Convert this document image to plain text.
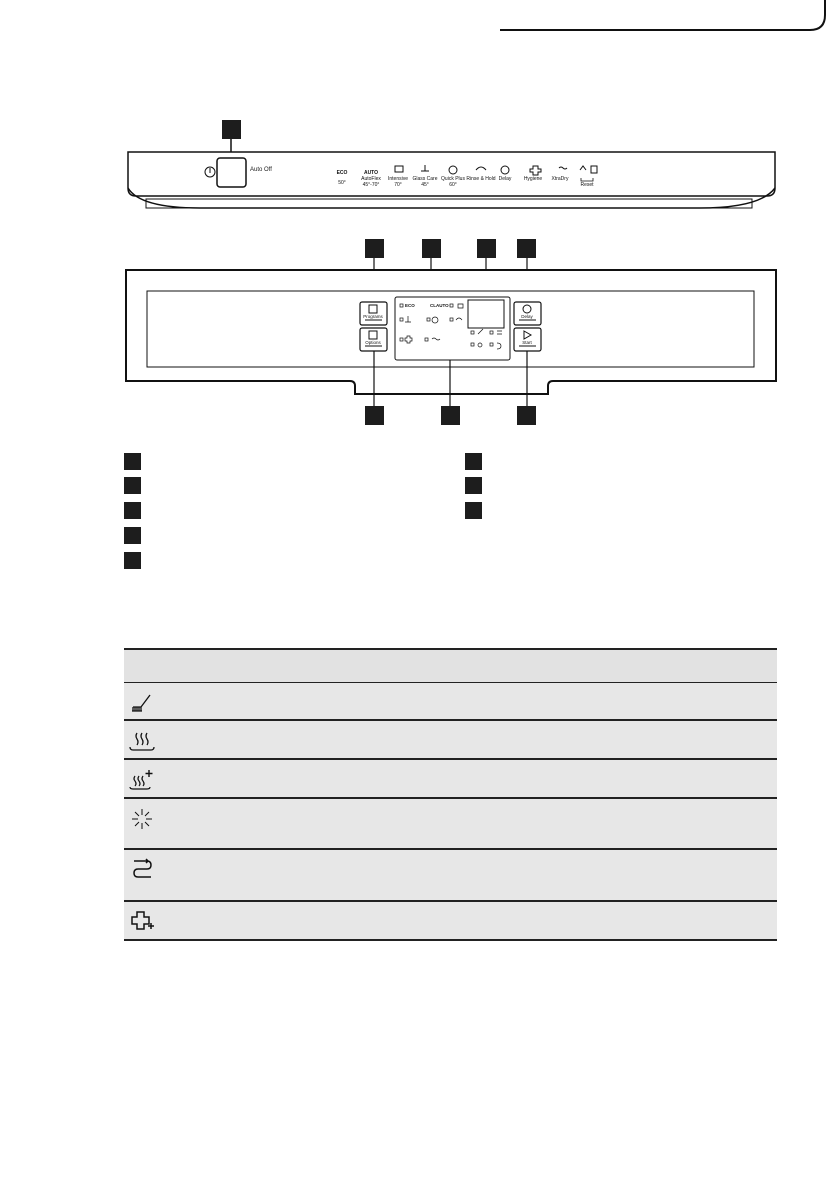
ECO
50°
AUTO
AutoFlex
45°-70°
Intensive
70°
Glass Care
45°
Quick Plus
60°
Rinse & Hold Delay Hygiene XtraDry
Reset
Auto Off
Programs
Options
Delay
Start
ECO	CLAUTO
